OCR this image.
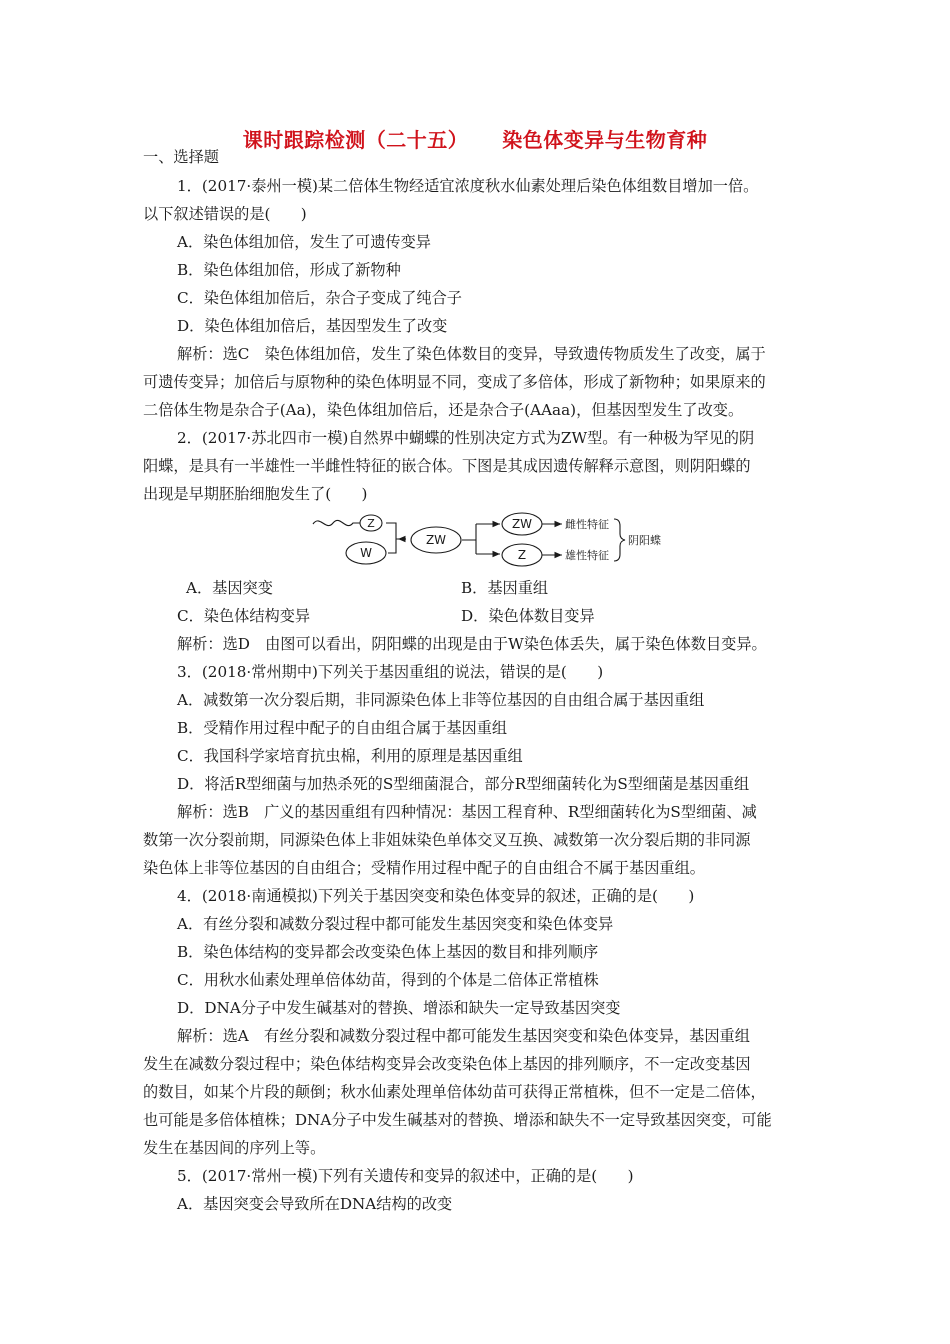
课时跟踪检测（二十五） 染色体变异与生物育种
一、选择题
1．(2017·泰州一模)某二倍体生物经适宜浓度秋水仙素处理后染色体组数目增加一倍。
以下叙述错误的是(　　)
A．染色体组加倍，发生了可遗传变异
B．染色体组加倍，形成了新物种
C．染色体组加倍后，杂合子变成了纯合子
D．染色体组加倍后，基因型发生了改变
解析：选C　染色体组加倍，发生了染色体数目的变异，导致遗传物质发生了改变，属于
可遗传变异；加倍后与原物种的染色体明显不同，变成了多倍体，形成了新物种；如果原来的
二倍体生物是杂合子(Aa)，染色体组加倍后，还是杂合子(AAaa)，但基因型发生了改变。
2．(2017·苏北四市一模)自然界中蝴蝶的性别决定方式为ZW型。有一种极为罕见的阴
阳蝶，是具有一半雄性一半雌性特征的嵌合体。下图是其成因遗传解释示意图，则阴阳蝶的
出现是早期胚胎细胞发生了(　　)
Z
W
ZW
ZW
Z
雌性特征
雄性特征
阴阳蝶
A．基因突变	B．基因重组
C．染色体结构变异	D．染色体数目变异
解析：选D　由图可以看出，阴阳蝶的出现是由于W染色体丢失，属于染色体数目变异。
3．(2018·常州期中)下列关于基因重组的说法，错误的是(　　)
A．减数第一次分裂后期，非同源染色体上非等位基因的自由组合属于基因重组
B．受精作用过程中配子的自由组合属于基因重组
C．我国科学家培育抗虫棉，利用的原理是基因重组
D．将活R型细菌与加热杀死的S型细菌混合，部分R型细菌转化为S型细菌是基因重组
解析：选B　广义的基因重组有四种情况：基因工程育种、R型细菌转化为S型细菌、减
数第一次分裂前期，同源染色体上非姐妹染色单体交叉互换、减数第一次分裂后期的非同源
染色体上非等位基因的自由组合；受精作用过程中配子的自由组合不属于基因重组。
4．(2018·南通模拟)下列关于基因突变和染色体变异的叙述，正确的是(　　)
A．有丝分裂和减数分裂过程中都可能发生基因突变和染色体变异
B．染色体结构的变异都会改变染色体上基因的数目和排列顺序
C．用秋水仙素处理单倍体幼苗，得到的个体是二倍体正常植株
D．DNA分子中发生碱基对的替换、增添和缺失一定导致基因突变
解析：选A　有丝分裂和减数分裂过程中都可能发生基因突变和染色体变异，基因重组
发生在减数分裂过程中；染色体结构变异会改变染色体上基因的排列顺序，不一定改变基因
的数目，如某个片段的颠倒；秋水仙素处理单倍体幼苗可获得正常植株，但不一定是二倍体，
也可能是多倍体植株；DNA分子中发生碱基对的替换、增添和缺失不一定导致基因突变，可能
发生在基因间的序列上等。
5．(2017·常州一模)下列有关遗传和变异的叙述中，正确的是(　　)
A．基因突变会导致所在DNA结构的改变
